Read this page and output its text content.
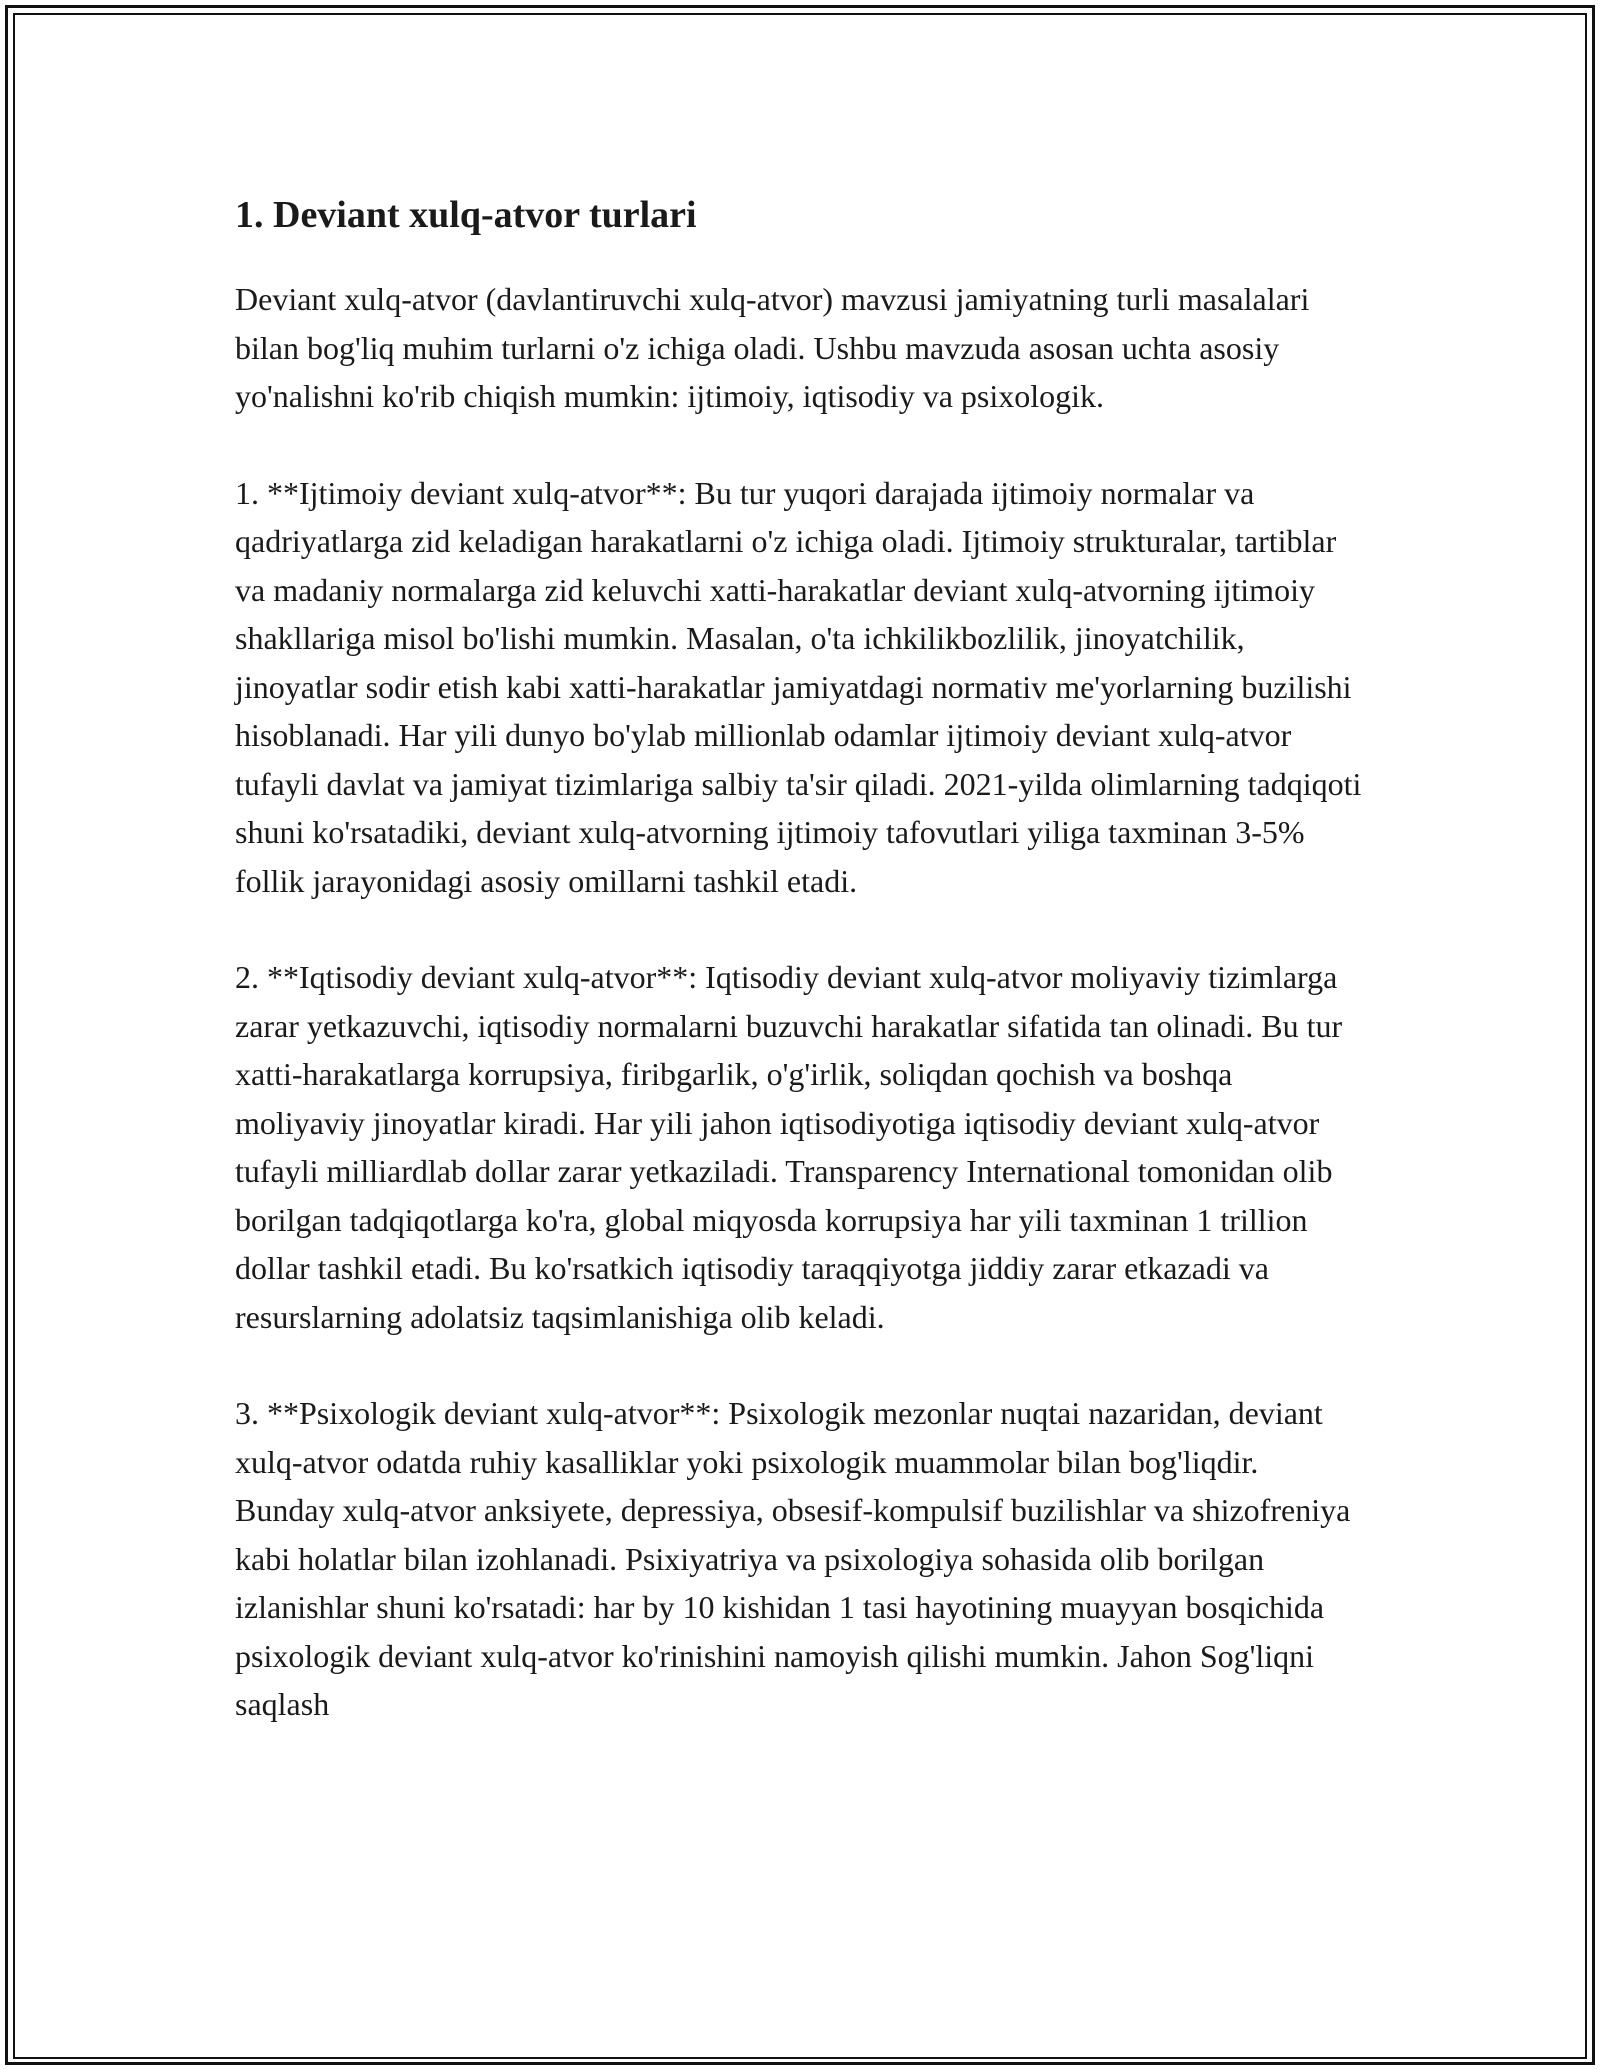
1. Deviant xulq-atvor turlari

Deviant xulq-atvor (davlantiruvchi xulq-atvor) mavzusi jamiyatning turli masalalari bilan bog'liq muhim turlarni o'z ichiga oladi. Ushbu mavzuda asosan uchta asosiy yo'nalishni ko'rib chiqish mumkin: ijtimoiy, iqtisodiy va psixologik.

1. **Ijtimoiy deviant xulq-atvor**: Bu tur yuqori darajada ijtimoiy normalar va qadriyatlarga zid keladigan harakatlarni o'z ichiga oladi. Ijtimoiy strukturalar, tartiblar va madaniy normalarga zid keluvchi xatti-harakatlar deviant xulq-atvorning ijtimoiy shakllariga misol bo'lishi mumkin. Masalan, o'ta ichkilikbozlilik, jinoyatchilik, jinoyatlar sodir etish kabi xatti-harakatlar jamiyatdagi normativ me'yorlarning buzilishi hisoblanadi. Har yili dunyo bo'ylab millionlab odamlar ijtimoiy deviant xulq-atvor tufayli davlat va jamiyat tizimlariga salbiy ta'sir qiladi. 2021-yilda olimlarning tadqiqoti shuni ko'rsatadiki, deviant xulq-atvorning ijtimoiy tafovutlari yiliga taxminan 3-5% follik jarayonidagi asosiy omillarni tashkil etadi.

2. **Iqtisodiy deviant xulq-atvor**: Iqtisodiy deviant xulq-atvor moliyaviy tizimlarga zarar yetkazuvchi, iqtisodiy normalarni buzuvchi harakatlar sifatida tan olinadi. Bu tur xatti-harakatlarga korrupsiya, firibgarlik, o'g'irlik, soliqdan qochish va boshqa moliyaviy jinoyatlar kiradi. Har yili jahon iqtisodiyotiga iqtisodiy deviant xulq-atvor tufayli milliardlab dollar zarar yetkaziladi. Transparency International tomonidan olib borilgan tadqiqotlarga ko'ra, global miqyosda korrupsiya har yili taxminan 1 trillion dollar tashkil etadi. Bu ko'rsatkich iqtisodiy taraqqiyotga jiddiy zarar etkazadi va resurslarning adolatsiz taqsimlanishiga olib keladi.

3. **Psixologik deviant xulq-atvor**: Psixologik mezonlar nuqtai nazaridan, deviant xulq-atvor odatda ruhiy kasalliklar yoki psixologik muammolar bilan bog'liqdir. Bunday xulq-atvor anksiyete, depressiya, obsesif-kompulsif buzilishlar va shizofreniya kabi holatlar bilan izohlanadi. Psixiyatriya va psixologiya sohasida olib borilgan izlanishlar shuni ko'rsatadi: har by 10 kishidan 1 tasi hayotining muayyan bosqichida psixologik deviant xulq-atvor ko'rinishini namoyish qilishi mumkin. Jahon Sog'liqni saqlash
